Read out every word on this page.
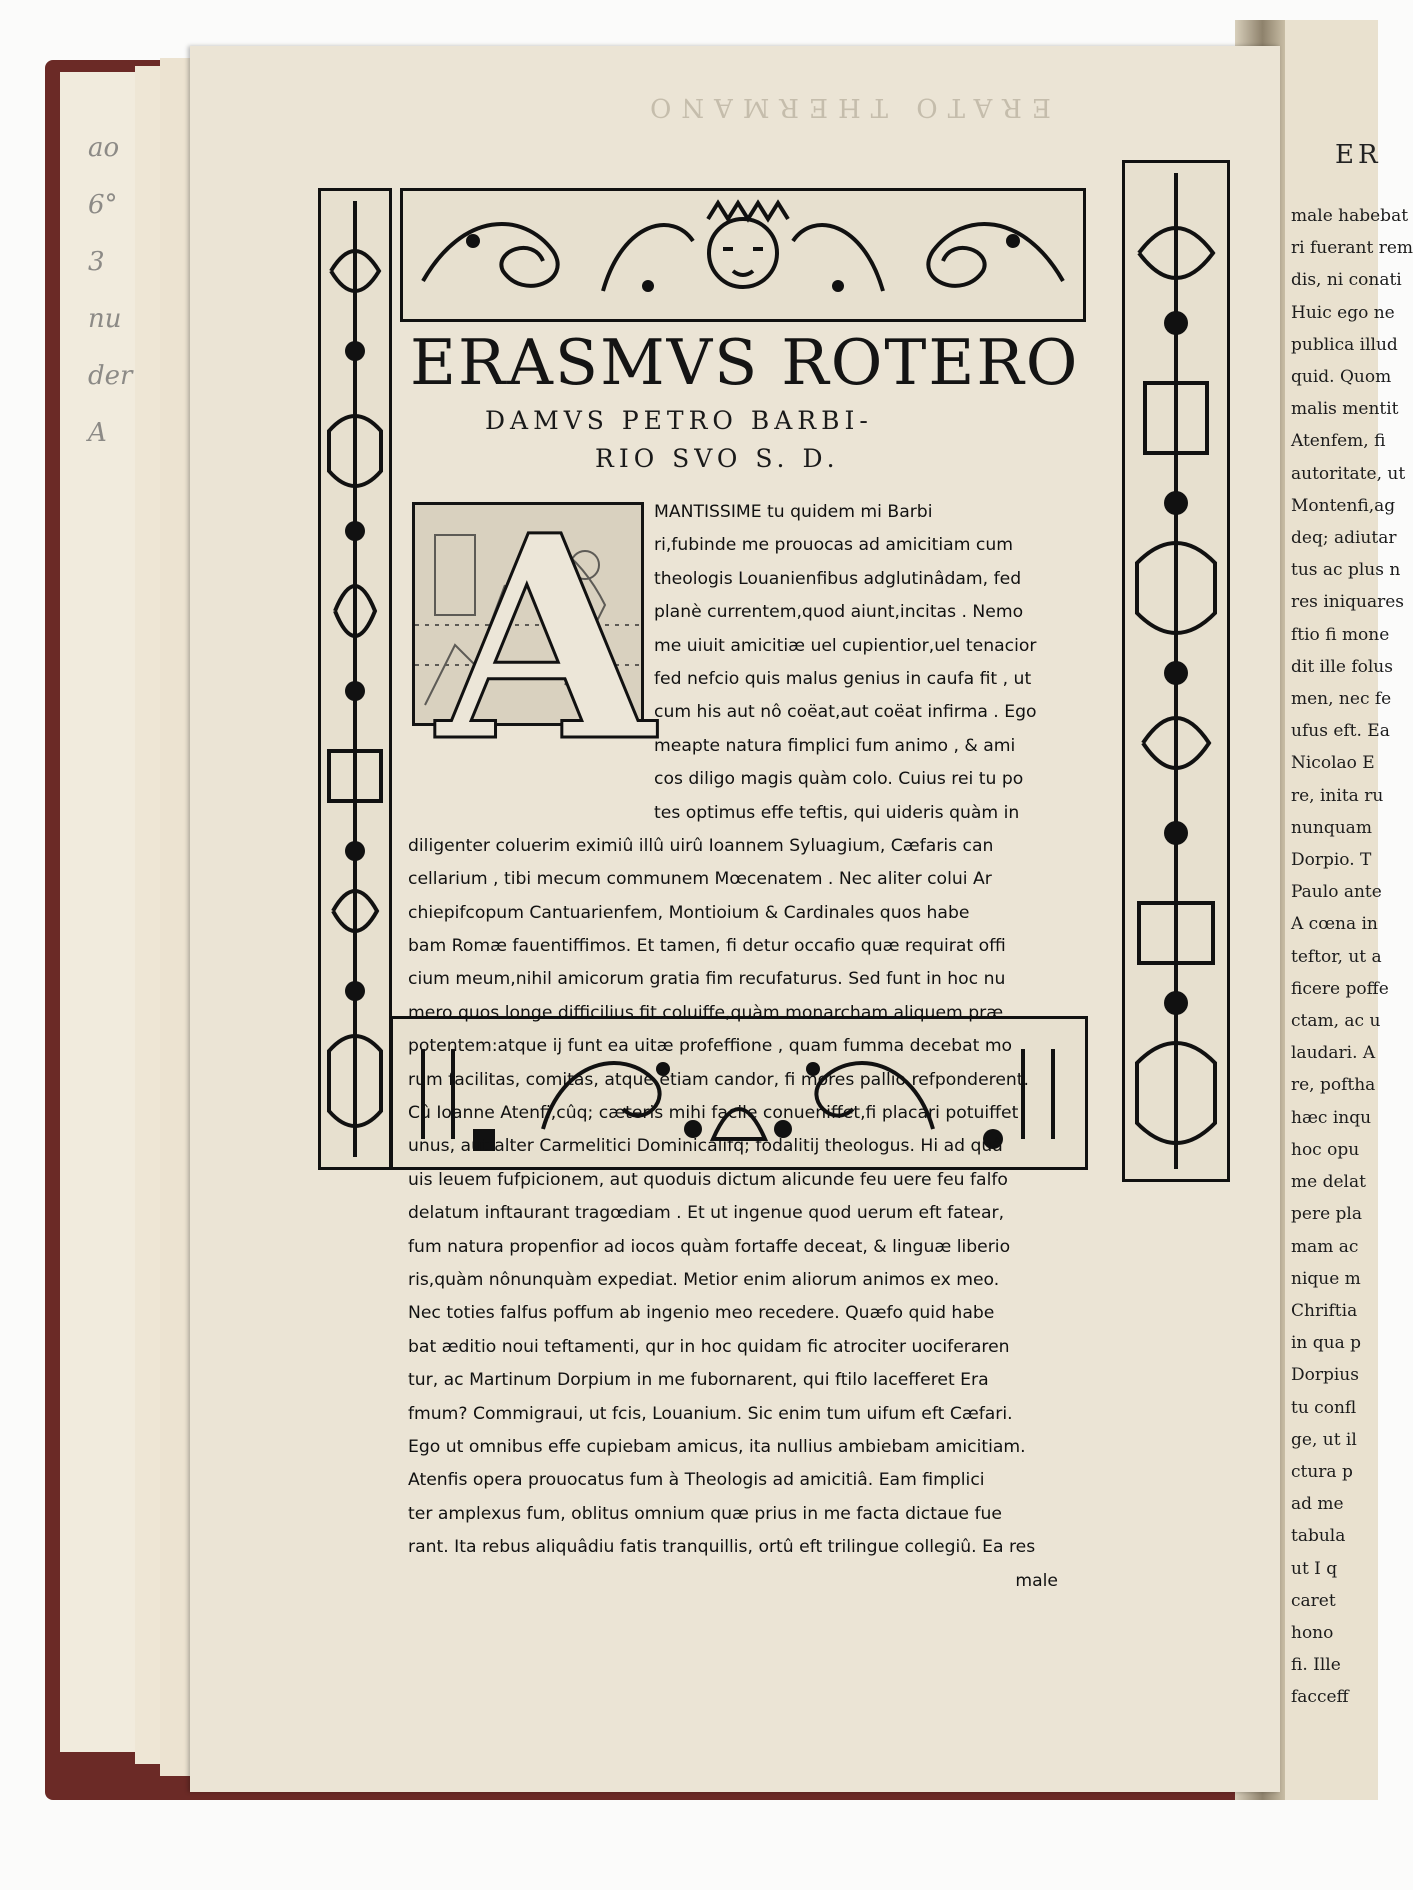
ao
6°
3
nu
der
A
ER
male habebat
ri fuerant rem
dis, ni conati
Huic ego ne
publica illud
quid. Quom
malis mentit
Atenfem, fi
autoritate, ut
Montenfi,ag
deq; adiutar
tus ac plus n
res iniquares
ftio fi mone
dit ille folus
men, nec fe
ufus eft. Ea
Nicolao E
re, inita ru
nunquam
Dorpio. T
Paulo ante
A cœna in
teftor, ut a
ficere poffe
ctam, ac u
laudari. A
re, poftha
hæc inqu
hoc opu
me delat
pere pla
mam ac
nique m
Chriftia
in qua p
Dorpius
tu confl
ge, ut il
ctura p
ad me
tabula
ut I q
caret
hono
fi. Ille
facceff
ERATO THERMANO
ERASMVS ROTERO
DAMVS PETRO BARBI-
RIO SVO S. D.
A MANTISSIME tu quidem mi Barbi
ri,fubinde me prouocas ad amicitiam cum
theologis Louanienfibus adglutinâdam, fed
planè currentem,quod aiunt,incitas . Nemo
me uiuit amicitiæ uel cupientior,uel tenacior
fed nefcio quis malus genius in caufa fit , ut
cum his aut nô coëat,aut coëat infirma . Ego
meapte natura fimplici fum animo , & ami
cos diligo magis quàm colo. Cuius rei tu po
tes optimus effe teftis, qui uideris quàm in
diligenter coluerim eximiû illû uirû Ioannem Syluagium, Cæfaris can
cellarium , tibi mecum communem Mœcenatem . Nec aliter colui Ar
chiepifcopum Cantuarienfem, Montioium & Cardinales quos habe
bam Romæ fauentiffimos. Et tamen, fi detur occafio quæ requirat offi
cium meum,nihil amicorum gratia fim recufaturus. Sed funt in hoc nu
mero quos longe difficilius fit coluiffe,quàm monarcham aliquem præ
potentem:atque ij funt ea uitæ profeffione , quam fumma decebat mo
rum facilitas, comitas, atque etiam candor, fi mores pallio refponderent.
Cû Ioanne Atenfi,cûq; cæteris mihi facile conueniffet,fi placari potuiffet
unus, aut alter Carmelitici Dominicalifq; fodalitij theologus. Hi ad quâ
uis leuem fufpicionem, aut quoduis dictum alicunde feu uere feu falfo
delatum inftaurant tragœdiam . Et ut ingenue quod uerum eft fatear,
fum natura propenfior ad iocos quàm fortaffe deceat, & linguæ liberio
ris,quàm nônunquàm expediat. Metior enim aliorum animos ex meo.
Nec toties falfus poffum ab ingenio meo recedere. Quæfo quid habe
bat æditio noui teftamenti, qur in hoc quidam fic atrociter uociferaren
tur, ac Martinum Dorpium in me fubornarent, qui ftilo lacefferet Era
fmum? Commigraui, ut fcis, Louanium. Sic enim tum uifum eft Cæfari.
Ego ut omnibus effe cupiebam amicus, ita nullius ambiebam amicitiam.
Atenfis opera prouocatus fum à Theologis ad amicitiâ. Eam fimplici
ter amplexus fum, oblitus omnium quæ prius in me facta dictaue fue
rant. Ita rebus aliquâdiu fatis tranquillis, ortû eft trilingue collegiû. Ea res
male
